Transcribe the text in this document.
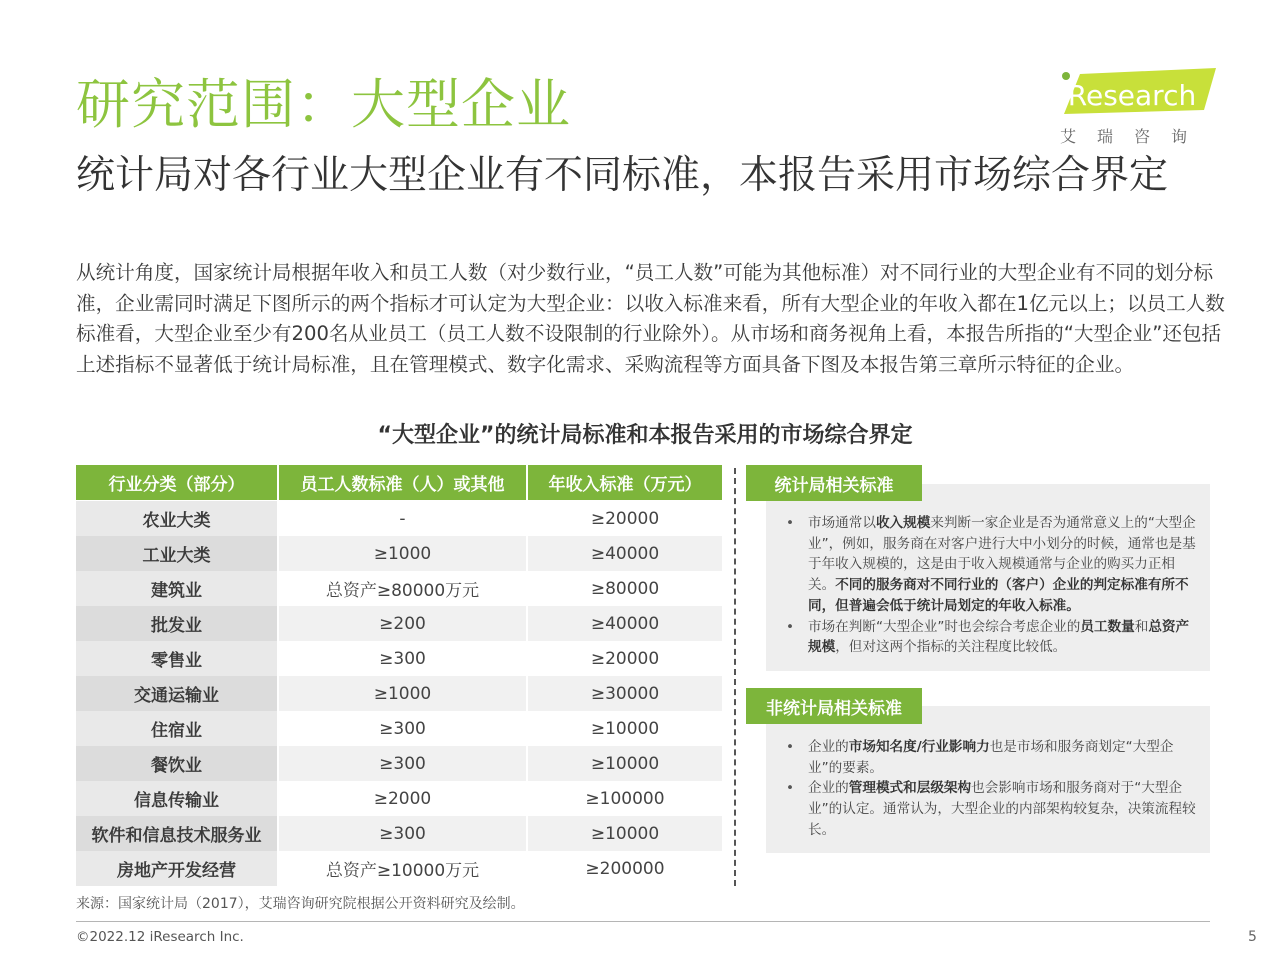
研究范围：大型企业	iResearch
艾瑞咨询
统计局对各行业大型企业有不同标准，本报告采用市场综合界定
从统计角度，国家统计局根据年收入和员工人数（对少数行业，“员工人数”可能为其他标准）对不同行业的大型企业有不同的划分标准，企业需同时满足下图所示的两个指标才可认定为大型企业：以收入标准来看，所有大型企业的年收入都在1亿元以上；以员工人数标准看，大型企业至少有200名从业员工（员工人数不设限制的行业除外）。从市场和商务视角上看，本报告所指的“大型企业”还包括上述指标不显著低于统计局标准，且在管理模式、数字化需求、采购流程等方面具备下图及本报告第三章所示特征的企业。
“大型企业”的统计局标准和本报告采用的市场综合界定
行业分类（部分）	员工人数标准（人）或其他	年收入标准（万元）
农业大类	-	≥20000
工业大类	≥1000	≥40000
建筑业	总资产≥80000万元	≥80000
批发业	≥200	≥40000
零售业	≥300	≥20000
交通运输业	≥1000	≥30000
住宿业	≥300	≥10000
餐饮业	≥300	≥10000
信息传输业	≥2000	≥100000
软件和信息技术服务业	≥300	≥10000
房地产开发经营	总资产≥10000万元	≥200000
统计局相关标准
• 市场通常以收入规模来判断一家企业是否为通常意义上的“大型企业”，例如，服务商在对客户进行大中小划分的时候，通常也是基于年收入规模的，这是由于收入规模通常与企业的购买力正相关。不同的服务商对不同行业的（客户）企业的判定标准有所不同，但普遍会低于统计局划定的年收入标准。
• 市场在判断“大型企业”时也会综合考虑企业的员工数量和总资产规模，但对这两个指标的关注程度比较低。
非统计局相关标准
• 企业的市场知名度/行业影响力也是市场和服务商划定“大型企业”的要素。
• 企业的管理模式和层级架构也会影响市场和服务商对于“大型企业”的认定。通常认为，大型企业的内部架构较复杂，决策流程较长。
来源：国家统计局（2017），艾瑞咨询研究院根据公开资料研究及绘制。
©2022.12 iResearch Inc.	5
